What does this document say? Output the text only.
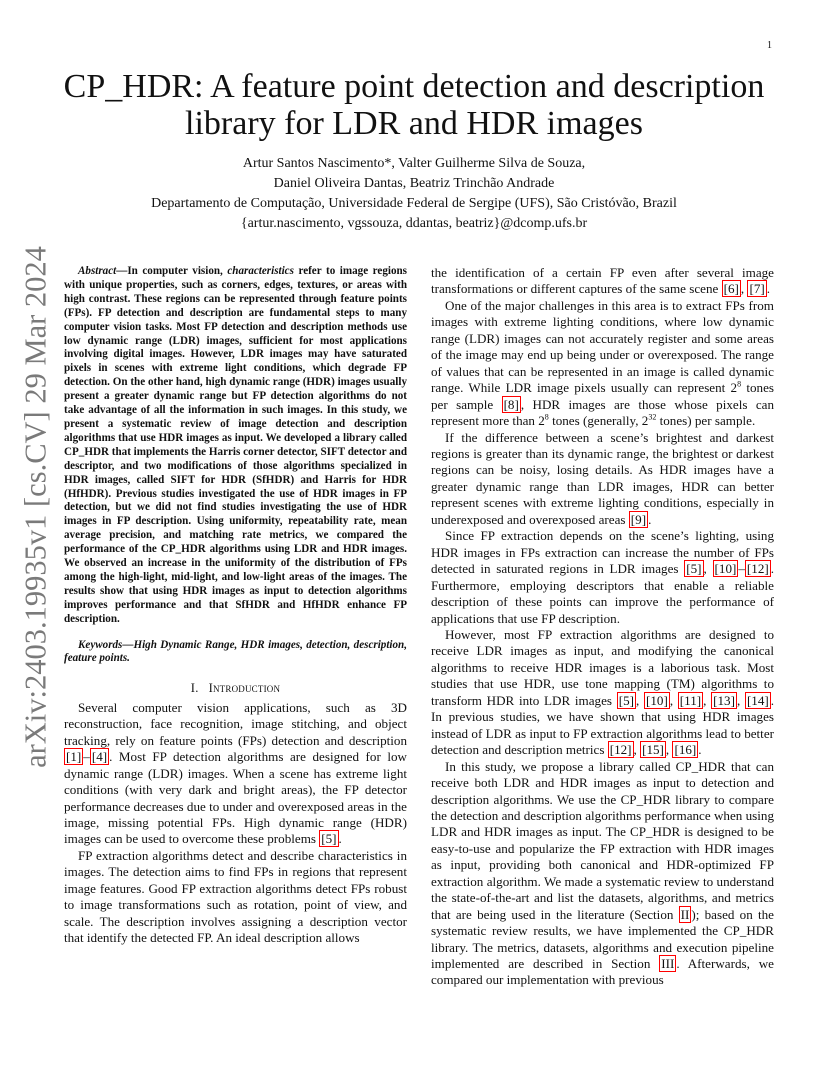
1
arXiv:2403.19935v1 [cs.CV] 29 Mar 2024
CP_HDR: A feature point detection and description library for LDR and HDR images
Artur Santos Nascimento*, Valter Guilherme Silva de Souza,
Daniel Oliveira Dantas, Beatriz Trinchão Andrade
Departamento de Computação, Universidade Federal de Sergipe (UFS), São Cristóvão, Brazil
{artur.nascimento, vgssouza, ddantas, beatriz}@dcomp.ufs.br

Abstract—In computer vision, characteristics refer to image regions with unique properties, such as corners, edges, textures, or areas with high contrast. These regions can be represented through feature points (FPs). FP detection and description are fundamental steps to many computer vision tasks. Most FP detection and description methods use low dynamic range (LDR) images, sufficient for most applications involving digital images. However, LDR images may have saturated pixels in scenes with extreme light conditions, which degrade FP detection. On the other hand, high dynamic range (HDR) images usually present a greater dynamic range but FP detection algorithms do not take advantage of all the information in such images. In this study, we present a systematic review of image detection and description algorithms that use HDR images as input. We developed a library called CP_HDR that implements the Harris corner detector, SIFT detector and descriptor, and two modifications of those algorithms specialized in HDR images, called SIFT for HDR (SfHDR) and Harris for HDR (HfHDR). Previous studies investigated the use of HDR images in FP detection, but we did not find studies investigating the use of HDR images in FP description. Using uniformity, repeatability rate, mean average precision, and matching rate metrics, we compared the performance of the CP_HDR algorithms using LDR and HDR images. We observed an increase in the uniformity of the distribution of FPs among the high-light, mid-light, and low-light areas of the images. The results show that using HDR images as input to detection algorithms improves performance and that SfHDR and HfHDR enhance FP description.

Keywords—High Dynamic Range, HDR images, detection, description, feature points.

I. Introduction

Several computer vision applications, such as 3D reconstruction, face recognition, image stitching, and object tracking, rely on feature points (FPs) detection and description [1] – [4] . Most FP detection algorithms are designed for low dynamic range (LDR) images. When a scene has extreme light conditions (with very dark and bright areas), the FP detector performance decreases due to under and overexposed areas in the image, missing potential FPs. High dynamic range (HDR) images can be used to overcome these problems [5] .

FP extraction algorithms detect and describe characteristics in images. The detection aims to find FPs in regions that represent image features. Good FP extraction algorithms detect FPs robust to image transformations such as rotation, point of view, and scale. The description involves assigning a description vector that identify the detected FP. An ideal description allows

the identification of a certain FP even after several image transformations or different captures of the same scene [6] , [7] .

One of the major challenges in this area is to extract FPs from images with extreme lighting conditions, where low dynamic range (LDR) images can not accurately register and some areas of the image may end up being under or overexposed. The range of values that can be represented in an image is called dynamic range. While LDR image pixels usually can represent $2^8$ tones per sample [8] , HDR images are those whose pixels can represent more than $2^8$ tones (generally, $2^{32}$ tones) per sample.

If the difference between a scene’s brightest and darkest regions is greater than its dynamic range, the brightest or darkest regions can be noisy, losing details. As HDR images have a greater dynamic range than LDR images, HDR can better represent scenes with extreme lighting conditions, especially in underexposed and overexposed areas [9] .

Since FP extraction depends on the scene’s lighting, using HDR images in FPs extraction can increase the number of FPs detected in saturated regions in LDR images [5] , [10] – [12] . Furthermore, employing descriptors that enable a reliable description of these points can improve the performance of applications that use FP description.

However, most FP extraction algorithms are designed to receive LDR images as input, and modifying the canonical algorithms to receive HDR images is a laborious task. Most studies that use HDR, use tone mapping (TM) algorithms to transform HDR into LDR images [5] , [10] , [11] , [13] , [14] . In previous studies, we have shown that using HDR images instead of LDR as input to FP extraction algorithms lead to better detection and description metrics [12] , [15] , [16] .

In this study, we propose a library called CP_HDR that can receive both LDR and HDR images as input to detection and description algorithms. We use the CP_HDR library to compare the detection and description algorithms performance when using LDR and HDR images as input. The CP_HDR is designed to be easy-to-use and popularize the FP extraction with HDR images as input, providing both canonical and HDR-optimized FP extraction algorithm. We made a systematic review to understand the state-of-the-art and list the datasets, algorithms, and metrics that are being used in the literature (Section II ); based on the systematic review results, we have implemented the CP_HDR library. The metrics, datasets, algorithms and execution pipeline implemented are described in Section III . Afterwards, we compared our implementation with previous
